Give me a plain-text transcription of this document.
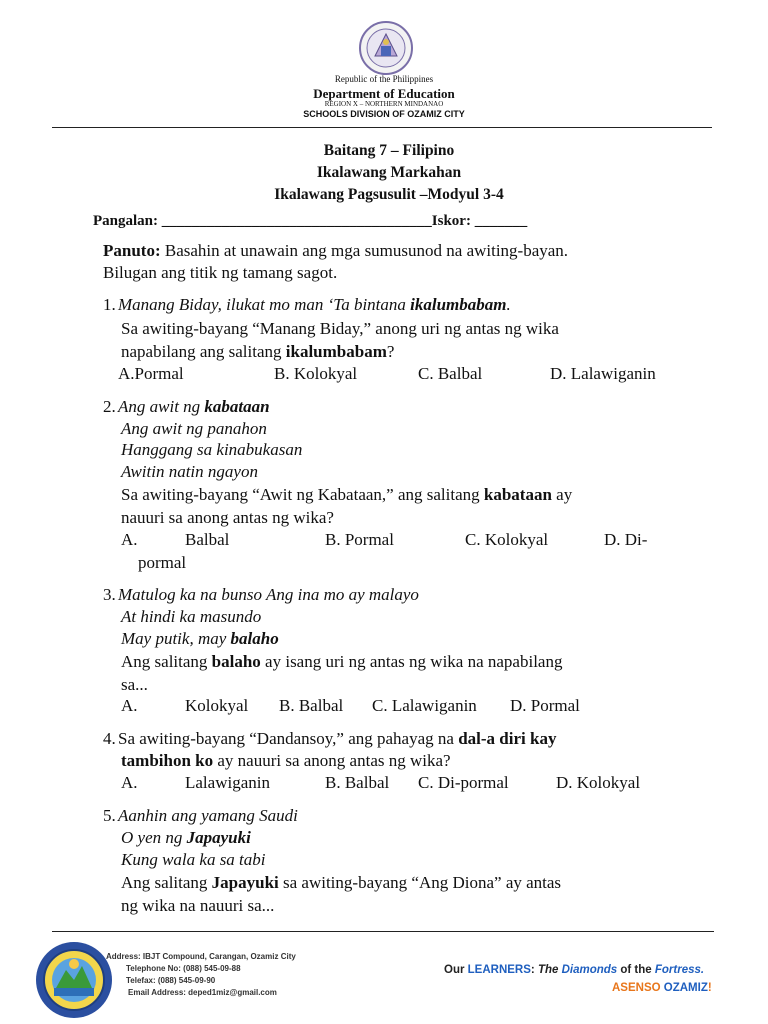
Republic of the Philippines
Department of Education
REGION X – NORTHERN MINDANAO
SCHOOLS DIVISION OF OZAMIZ CITY
Baitang 7 – Filipino
Ikalawang Markahan
Ikalawang Pagsusulit –Modyul 3-4
Pangalan: ____________________________________Iskor: _______
Panuto: Basahin at unawain ang mga sumusunod na awiting-bayan.
Bilugan ang titik ng tamang sagot.
1. Manang Biday, ilukat mo man ‘Ta bintana ikalumbabam.
Sa awiting-bayang “Manang Biday,” anong uri ng antas ng wika
napabilang ang salitang ikalumbabam?
A.Pormal	B. Kolokyal	C. Balbal	D. Lalawiganin
2. Ang awit ng kabataan
Ang awit ng panahon
Hanggang sa kinabukasan
Awitin natin ngayon
Sa awiting-bayang “Awit ng Kabataan,” ang salitang kabataan ay
nauuri sa anong antas ng wika?
A.	Balbal	B. Pormal	C. Kolokyal	D. Di-
pormal
3. Matulog ka na bunso Ang ina mo ay malayo
At hindi ka masundo
May putik, may balaho
Ang salitang balaho ay isang uri ng antas ng wika na napabilang
sa...
A.	Kolokyal B. Balbal C. Lalawiganin D. Pormal
4. Sa awiting-bayang “Dandansoy,” ang pahayag na dal-a diri kay
tambihon ko ay nauuri sa anong antas ng wika?
A.	Lalawiganin	B. Balbal C. Di-pormal	D. Kolokyal
5. Aanhin ang yamang Saudi
O yen ng Japayuki
Kung wala ka sa tabi
Ang salitang Japayuki sa awiting-bayang “Ang Diona” ay antas
ng wika na nauuri sa...
Address: IBJT Compound, Carangan, Ozamiz City
Telephone No: (088) 545-09-88
Telefax: (088) 545-09-90
Email Address: deped1miz@gmail.com
Our LEARNERS: The Diamonds of the Fortress.
ASENSO OZAMIZ!
